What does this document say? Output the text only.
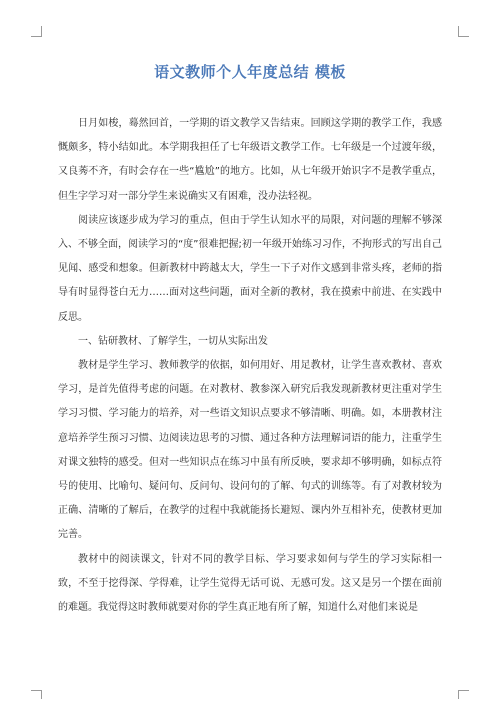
语文教师个人年度总结 模板

日月如梭，蓦然回首，一学期的语文教学又告结束。回顾这学期的教学工作，我感慨颇多，特小结如此。本学期我担任了七年级语文教学工作。七年级是一个过渡年级，又良莠不齐，有时会存在一些“尴尬”的地方。比如，从七年级开始识字不是教学重点，但生字学习对一部分学生来说确实又有困难，没办法轻视。

阅读应该逐步成为学习的重点，但由于学生认知水平的局限，对问题的理解不够深入、不够全面，阅读学习的“度”很难把握;初一年级开始练习习作，不拘形式的写出自己见闻、感受和想象。但新教材中跨越太大，学生一下子对作文感到非常头疼，老师的指导有时显得苍白无力……面对这些问题，面对全新的教材，我在摸索中前进、在实践中反思。

一、钻研教材、了解学生，一切从实际出发

教材是学生学习、教师教学的依据，如何用好、用足教材，让学生喜欢教材、喜欢学习，是首先值得考虑的问题。在对教材、教参深入研究后我发现新教材更注重对学生学习习惯、学习能力的培养，对一些语文知识点要求不够清晰、明确。如，本册教材注意培养学生预习习惯、边阅读边思考的习惯、通过各种方法理解词语的能力，注重学生对课文独特的感受。但对一些知识点在练习中虽有所反映，要求却不够明确，如标点符号的使用、比喻句、疑问句、反问句、设问句的了解、句式的训练等。有了对教材较为正确、清晰的了解后，在教学的过程中我就能扬长避短、课内外互相补充，使教材更加完善。

教材中的阅读课文，针对不同的教学目标、学习要求如何与学生的学习实际相一致，不至于挖得深、学得难，让学生觉得无话可说、无感可发。这又是另一个摆在面前的难题。我觉得这时教师就要对你的学生真正地有所了解，知道什么对他们来说是
